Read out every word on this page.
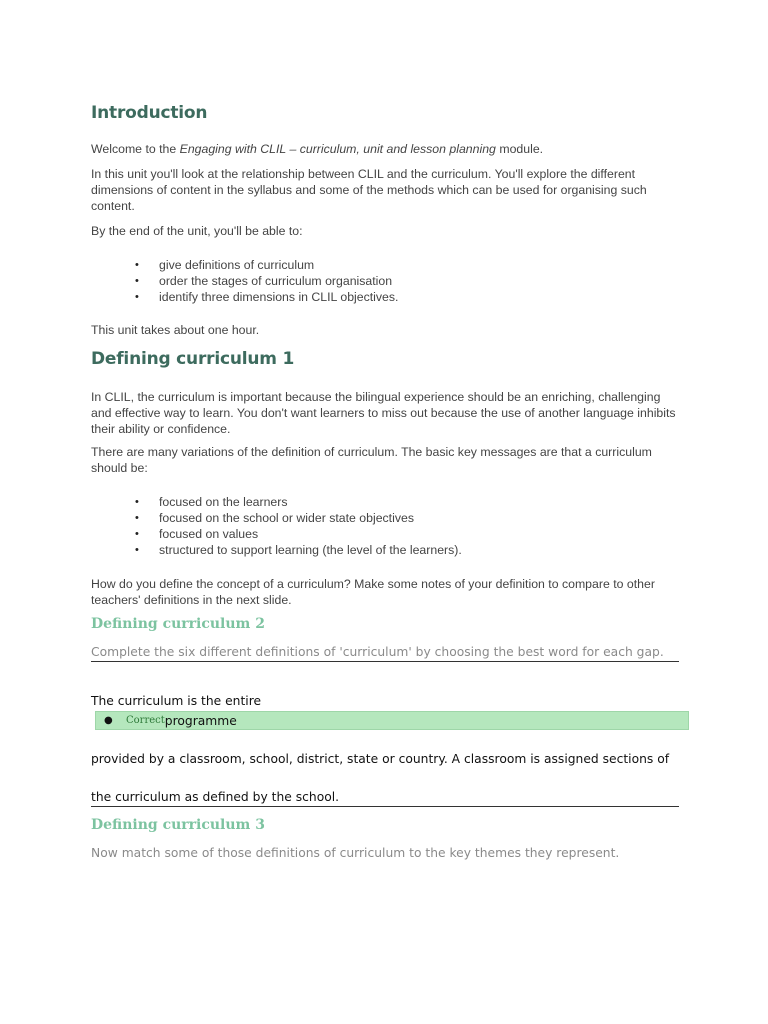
Introduction

Welcome to the Engaging with CLIL – curriculum, unit and lesson planning module.

In this unit you'll look at the relationship between CLIL and the curriculum. You'll explore the different dimensions of content in the syllabus and some of the methods which can be used for organising such content.

By the end of the unit, you'll be able to:

• give definitions of curriculum
• order the stages of curriculum organisation
• identify three dimensions in CLIL objectives.

This unit takes about one hour.

Defining curriculum 1

In CLIL, the curriculum is important because the bilingual experience should be an enriching, challenging and effective way to learn. You don't want learners to miss out because the use of another language inhibits their ability or confidence.

There are many variations of the definition of curriculum. The basic key messages are that a curriculum should be:

• focused on the learners
• focused on the school or wider state objectives
• focused on values
• structured to support learning (the level of the learners).

How do you define the concept of a curriculum? Make some notes of your definition to compare to other teachers' definitions in the next slide.

Defining curriculum 2
Complete the six different definitions of 'curriculum' by choosing the best word for each gap.

The curriculum is the entire

●	Correct programme

provided by a classroom, school, district, state or country. A classroom is assigned sections of

the curriculum as defined by the school.

Defining curriculum 3
Now match some of those definitions of curriculum to the key themes they represent.
